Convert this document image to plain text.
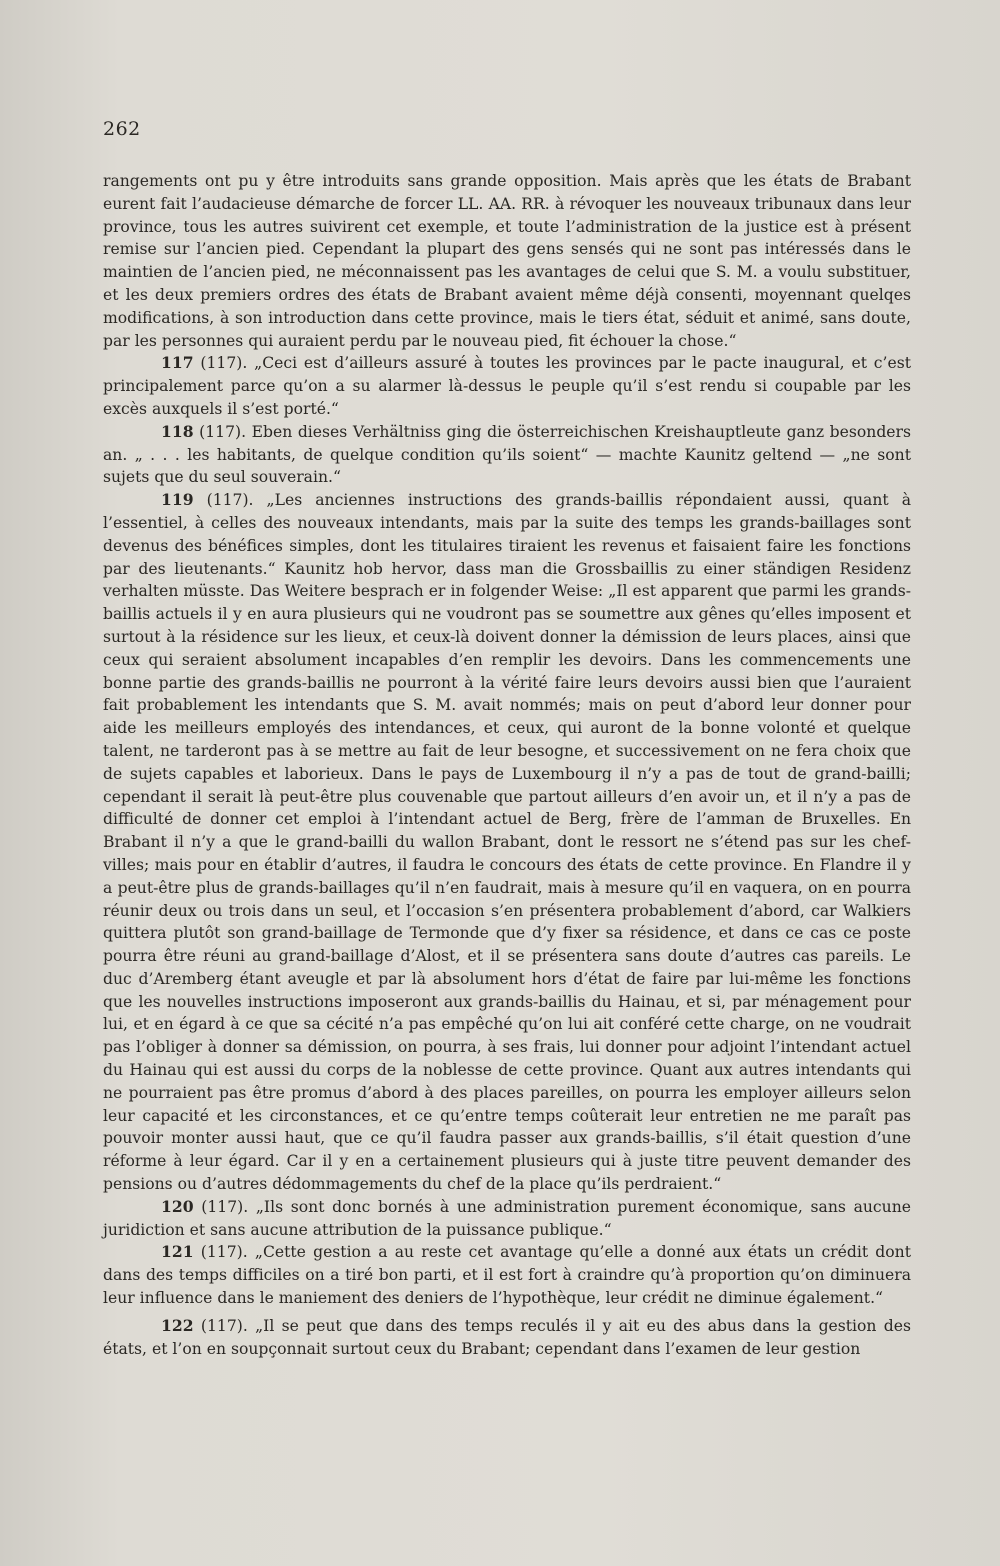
262

rangements ont pu y être introduits sans grande opposition. Mais après que les états de Brabant eurent fait l’audacieuse démarche de forcer LL. AA. RR. à révoquer les nouveaux tribunaux dans leur province, tous les autres suivirent cet exemple, et toute l’administration de la justice est à présent remise sur l’ancien pied. Cependant la plupart des gens sensés qui ne sont pas intéressés dans le maintien de l’ancien pied, ne méconnaissent pas les avantages de celui que S. M. a voulu substituer, et les deux premiers ordres des états de Brabant avaient même déjà consenti, moyennant quelqes modifications, à son introduction dans cette province, mais le tiers état, séduit et animé, sans doute, par les personnes qui auraient perdu par le nouveau pied, fit échouer la chose.“

117 (117). „Ceci est d’ailleurs assuré à toutes les provinces par le pacte inaugural, et c’est principalement parce qu’on a su alarmer là-dessus le peuple qu’il s’est rendu si coupable par les excès auxquels il s’est porté.“

118 (117). Eben dieses Verhältniss ging die österreichischen Kreishauptleute ganz besonders an. „ . . . les habitants, de quelque condition qu’ils soient“ — machte Kaunitz geltend — „ne sont sujets que du seul souverain.“

119 (117). „Les anciennes instructions des grands-baillis répondaient aussi, quant à l’essentiel, à celles des nouveaux intendants, mais par la suite des temps les grands-baillages sont devenus des bénéfices simples, dont les titulaires tiraient les revenus et faisaient faire les fonctions par des lieutenants.“ Kaunitz hob hervor, dass man die Grossbaillis zu einer ständigen Residenz verhalten müsste. Das Weitere besprach er in folgender Weise: „Il est apparent que parmi les grands-baillis actuels il y en aura plusieurs qui ne voudront pas se soumettre aux gênes qu’elles imposent et surtout à la résidence sur les lieux, et ceux-là doivent donner la démission de leurs places, ainsi que ceux qui seraient absolument incapables d’en remplir les devoirs. Dans les commencements une bonne partie des grands-baillis ne pourront à la vérité faire leurs devoirs aussi bien que l’auraient fait probablement les intendants que S. M. avait nommés; mais on peut d’abord leur donner pour aide les meilleurs employés des intendances, et ceux, qui auront de la bonne volonté et quelque talent, ne tarderont pas à se mettre au fait de leur besogne, et successivement on ne fera choix que de sujets capables et laborieux. Dans le pays de Luxembourg il n’y a pas de tout de grand-bailli; cependant il serait là peut-être plus couvenable que partout ailleurs d’en avoir un, et il n’y a pas de difficulté de donner cet emploi à l’intendant actuel de Berg, frère de l’amman de Bruxelles. En Brabant il n’y a que le grand-bailli du wallon Brabant, dont le ressort ne s’étend pas sur les chef-villes; mais pour en établir d’autres, il faudra le concours des états de cette province. En Flandre il y a peut-être plus de grands-baillages qu’il n’en faudrait, mais à mesure qu’il en vaquera, on en pourra réunir deux ou trois dans un seul, et l’occasion s’en présentera probablement d’abord, car Walkiers quittera plutôt son grand-baillage de Termonde que d’y fixer sa résidence, et dans ce cas ce poste pourra être réuni au grand-baillage d’Alost, et il se présentera sans doute d’autres cas pareils. Le duc d’Aremberg étant aveugle et par là absolument hors d’état de faire par lui-même les fonctions que les nouvelles instructions imposeront aux grands-baillis du Hainau, et si, par ménagement pour lui, et en égard à ce que sa cécité n’a pas empêché qu’on lui ait conféré cette charge, on ne voudrait pas l’obliger à donner sa démission, on pourra, à ses frais, lui donner pour adjoint l’intendant actuel du Hainau qui est aussi du corps de la noblesse de cette province. Quant aux autres intendants qui ne pourraient pas être promus d’abord à des places pareilles, on pourra les employer ailleurs selon leur capacité et les circonstances, et ce qu’entre temps coûterait leur entretien ne me paraît pas pouvoir monter aussi haut, que ce qu’il faudra passer aux grands-baillis, s’il était question d’une réforme à leur égard. Car il y en a certainement plusieurs qui à juste titre peuvent demander des pensions ou d’autres dédommagements du chef de la place qu’ils perdraient.“

120 (117). „Ils sont donc bornés à une administration purement économique, sans aucune juridiction et sans aucune attribution de la puissance publique.“

121 (117). „Cette gestion a au reste cet avantage qu’elle a donné aux états un crédit dont dans des temps difficiles on a tiré bon parti, et il est fort à craindre qu’à proportion qu’on diminuera leur influence dans le maniement des deniers de l’hypothèque, leur crédit ne diminue également.“

122 (117). „Il se peut que dans des temps reculés il y ait eu des abus dans la gestion des états, et l’on en soupçonnait surtout ceux du Brabant; cependant dans l’examen de leur gestion
